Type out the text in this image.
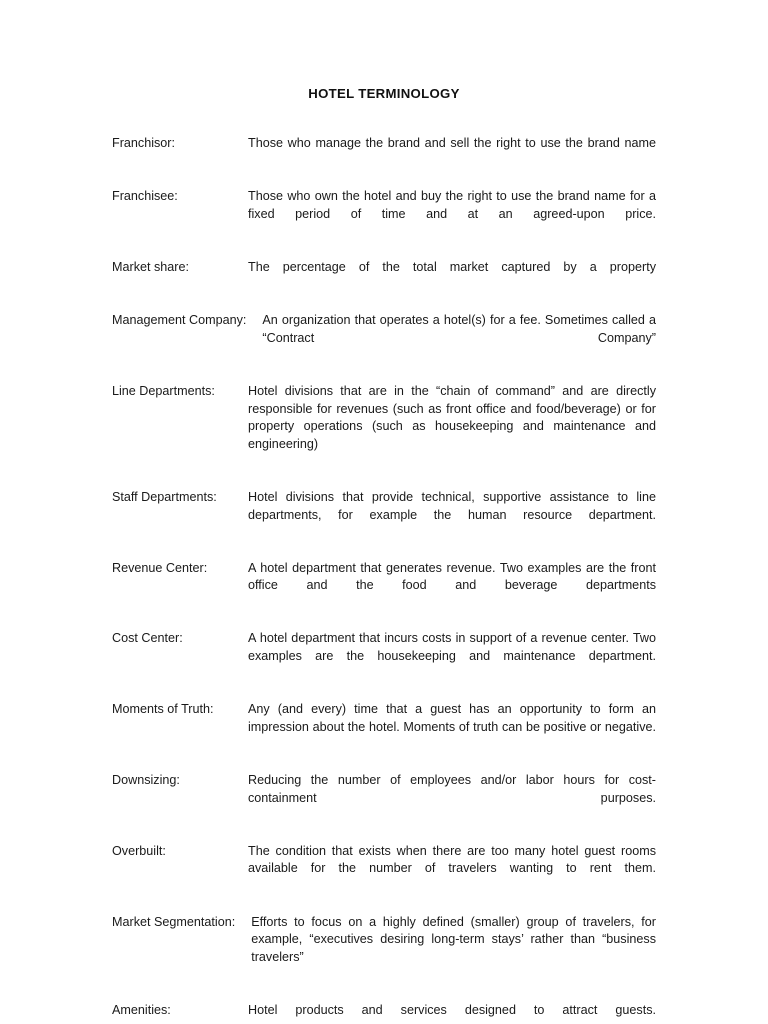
HOTEL TERMINOLOGY
Franchisor:	Those who manage the brand and sell the right to use the brand name
Franchisee:	Those who own the hotel and buy the right to use the brand name for a fixed period of time and at an agreed-upon price.
Market share:	The percentage of the total market captured by a property
Management Company:	An organization that operates a hotel(s) for a fee. Sometimes called a “Contract Company”
Line Departments:	Hotel divisions that are in the “chain of command” and are directly responsible for revenues (such as front office and food/beverage) or for property operations (such as housekeeping and maintenance and engineering)
Staff Departments:	Hotel divisions that provide technical, supportive assistance to line departments, for example the human resource department.
Revenue Center:	A hotel department that generates revenue. Two examples are the front office and the food and beverage departments
Cost Center:	A hotel department that incurs costs in support of a revenue center. Two examples are the housekeeping and maintenance department.
Moments of Truth:	Any (and every) time that a guest has an opportunity to form an impression about the hotel. Moments of truth can be positive or negative.
Downsizing:	Reducing the number of employees and/or labor hours for cost-containment purposes.
Overbuilt:	The condition that exists when there are too many hotel guest rooms available for the number of travelers wanting to rent them.
Market Segmentation:	Efforts to focus on a highly defined (smaller) group of travelers, for example, “executives desiring long-term stays’ rather than “business travelers”
Amenities:	Hotel products and services designed to attract guests.
